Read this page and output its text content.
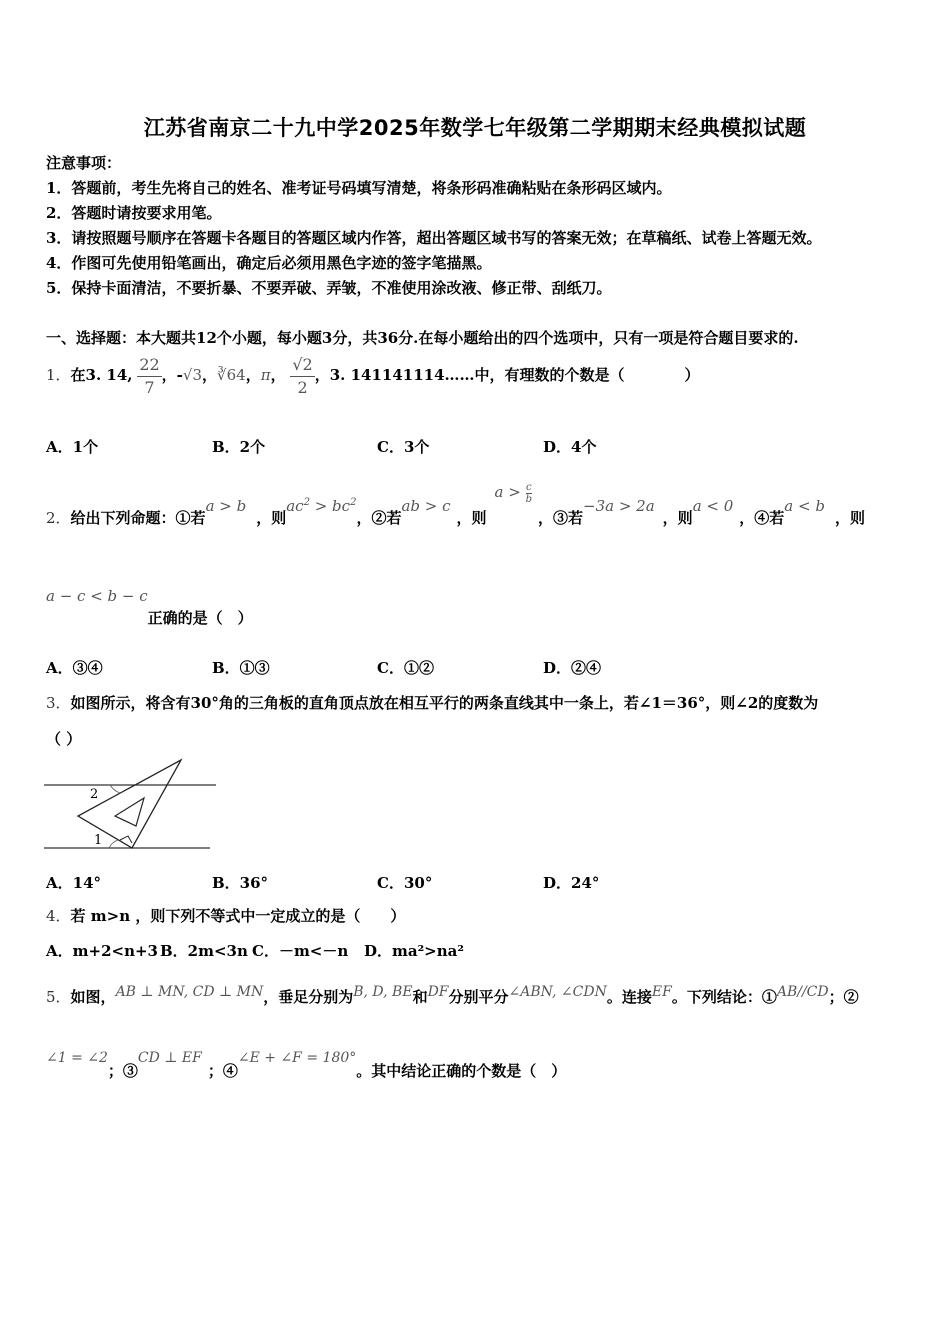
江苏省南京二十九中学2025年数学七年级第二学期期末经典模拟试题
注意事项：
1．答题前，考生先将自己的姓名、准考证号码填写清楚，将条形码准确粘贴在条形码区域内。
2．答题时请按要求用笔。
3．请按照题号顺序在答题卡各题目的答题区域内作答，超出答题区域书写的答案无效；在草稿纸、试卷上答题无效。
4．作图可先使用铅笔画出，确定后必须用黑色字迹的签字笔描黑。
5．保持卡面清洁，不要折暴、不要弄破、弄皱，不准使用涂改液、修正带、刮纸刀。
一、选择题：本大题共12个小题，每小题3分，共36分.在每小题给出的四个选项中，只有一项是符合题目要求的.
1．在3. 14, $\frac{22}{7}$ ，-√3，∛64，π， $\frac{√2}{2}$ ，3. 141141114……中，有理数的个数是（　　　　）
A．1个	B．2个	C．3个	D．4个
2．给出下列命题：①若a > b，则$ac^2 > bc^2$，②若ab > c，则$a > \frac{c}{b}$
，③若−3a > 2a，则a < 0，④若a < b，则
a − c < b − c正确的是（　）
A．③④	B．①③	C．①②	D．②④
3．如图所示，将含有30°角的三角板的直角顶点放在相互平行的两条直线其中一条上，若∠1＝36°，则∠2的度数为
（ ）
2
1
A．14°	B．36°	C．30°	D．24°
4．若 m>n ，则下列不等式中一定成立的是（　　）
A．m+2<n+3 B．2m<3n C．－m<－n D．ma²>na²
5．如图，AB ⊥ MN, CD ⊥ MN，垂足分别为B, D, BE和DF分别平分∠ABN, ∠CDN。连接EF。下列结论：①AB//CD；②
∠1 = ∠2；③CD ⊥ EF；④∠E + ∠F = 180°。其中结论正确的个数是（　）
